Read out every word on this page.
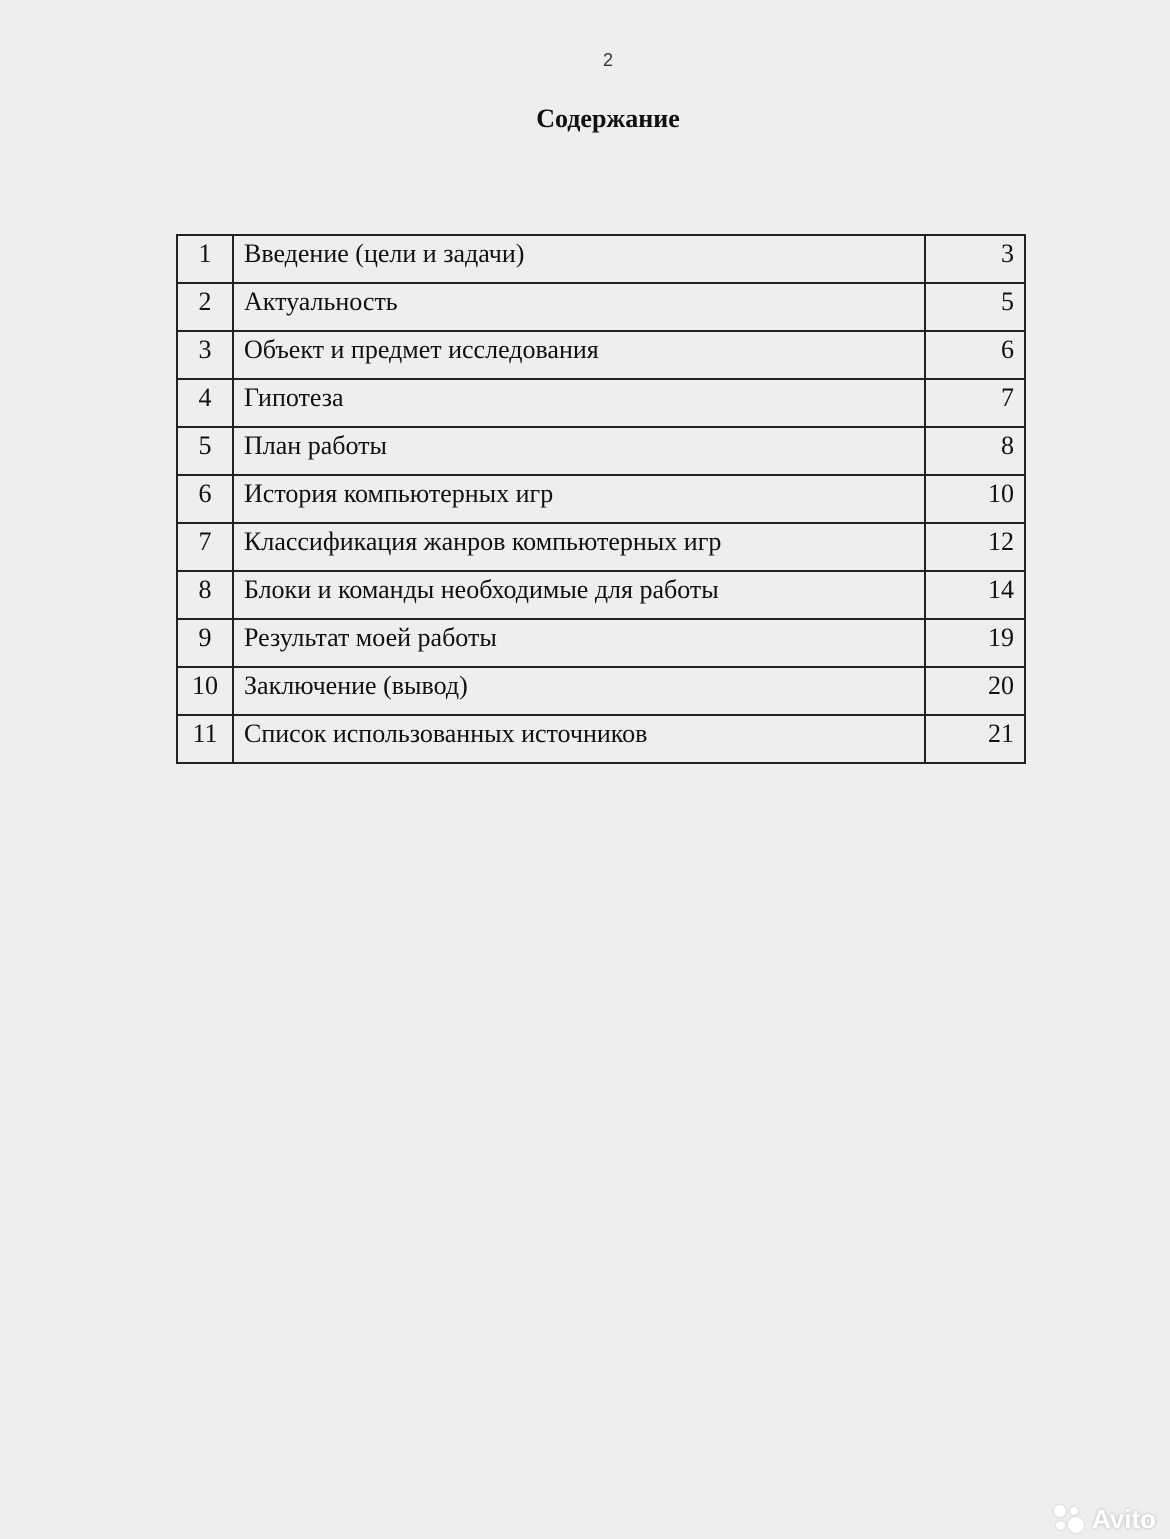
2
Содержание
1	Введение (цели и задачи)	3

2	Актуальность	5

3	Объект и предмет исследования	6

4	Гипотеза	7

5	План работы	8

6	История компьютерных игр	10

7	Классификация жанров компьютерных игр	12

8	Блоки и команды необходимые для работы	14

9	Результат моей работы	19

10	Заключение (вывод)	20

11	Список использованных источников	21
Avito
